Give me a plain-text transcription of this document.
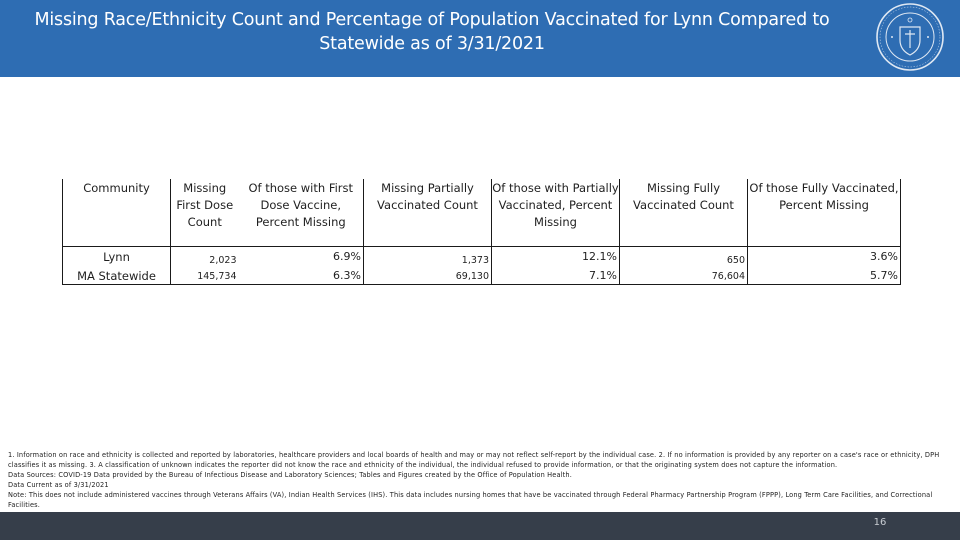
Missing Race/Ethnicity Count and Percentage of Population Vaccinated for Lynn Compared to
Statewide as of 3/31/2021
Community	Missing First Dose Count	Of those with First Dose Vaccine, Percent Missing	Missing Partially Vaccinated Count	Of those with Partially Vaccinated, Percent Missing	Missing Fully Vaccinated Count	Of those Fully Vaccinated, Percent Missing
Lynn	2,023	6.9%	1,373	12.1%	650	3.6%
MA Statewide	145,734	6.3%	69,130	7.1%	76,604	5.7%

1. Information on race and ethnicity is collected and reported by laboratories, healthcare providers and local boards of health and may or may not reflect self-report by the individual case. 2. If no information is provided by any reporter on a case's race or ethnicity, DPH classifies it as missing. 3. A classification of unknown indicates the reporter did not know the race and ethnicity of the individual, the individual refused to provide information, or that the originating system does not capture the information.

Data Sources: COVID-19 Data provided by the Bureau of Infectious Disease and Laboratory Sciences; Tables and Figures created by the Office of Population Health.

Data Current as of 3/31/2021

Note: This does not include administered vaccines through Veterans Affairs (VA), Indian Health Services (IHS). This data includes nursing homes that have be vaccinated through Federal Pharmacy Partnership Program (FPPP), Long Term Care Facilities, and Correctional Facilities.

16
